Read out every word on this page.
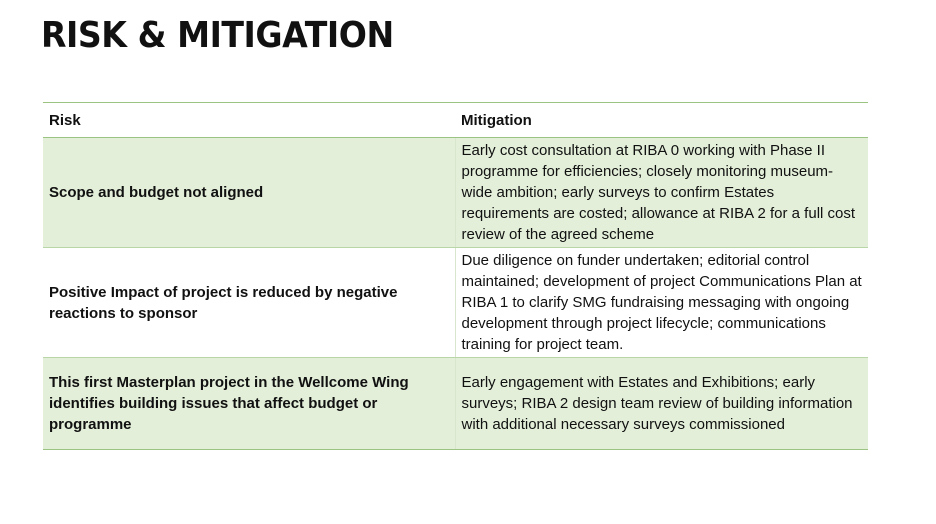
RISK & MITIGATION
Risk	Mitigation
Scope and budget not aligned	Early cost consultation at RIBA 0 working with Phase II programme for efficiencies; closely monitoring museum-wide ambition; early surveys to confirm Estates requirements are costed; allowance at RIBA 2 for a full cost review of the agreed scheme
Positive Impact of project is reduced by negative reactions to sponsor	Due diligence on funder undertaken; editorial control maintained; development of project Communications Plan at RIBA 1 to clarify SMG fundraising messaging with ongoing development through project lifecycle; communications training for project team.
This first Masterplan project in the Wellcome Wing identifies building issues that affect budget or programme	Early engagement with Estates and Exhibitions; early surveys; RIBA 2 design team review of building information with additional necessary surveys commissioned
